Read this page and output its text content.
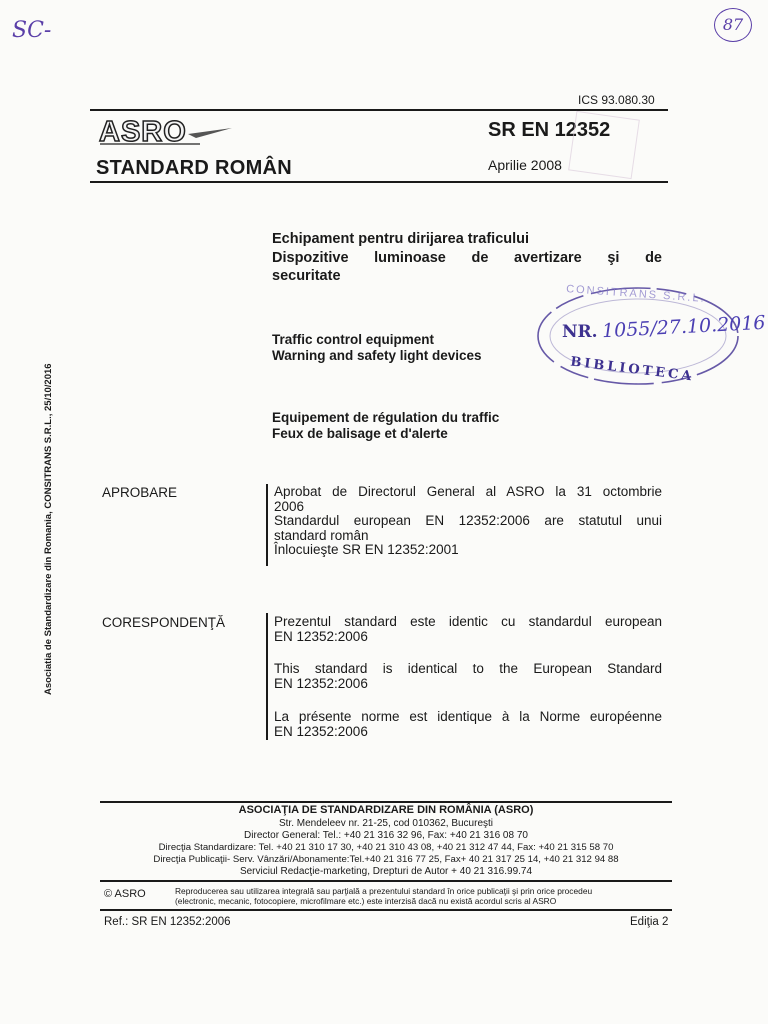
SC-	87
ICS 93.080.30
ASRO	SR EN 12352
STANDARD ROMÂN	Aprilie 2008
Echipament pentru dirijarea traficului
Dispozitive luminoase de avertizare şi de
securitate
Traffic control equipment
Warning and safety light devices
Equipement de régulation du traffic
Feux de balisage et d'alerte
CONSITRANS S.R.L.
NR. 1055/27.10.2016
BIBLIOTECA
Asociatia de Standardizare din Romania, CONSITRANS S.R.L., 25/10/2016	APROBARE	Aprobat de Directorul General al ASRO la 31 octombrie
2006
Standardul european EN 12352:2006 are statutul unui
standard român
Înlocuieşte SR EN 12352:2001
CORESPONDENŢĂ	Prezentul standard este identic cu standardul european
EN 12352:2006
This standard is identical to the European Standard
EN 12352:2006
La présente norme est identique à la Norme européenne
EN 12352:2006
ASOCIAŢIA DE STANDARDIZARE DIN ROMÂNIA (ASRO)
Str. Mendeleev nr. 21-25, cod 010362, Bucureşti
Director General: Tel.: +40 21 316 32 96, Fax: +40 21 316 08 70
Direcţia Standardizare: Tel. +40 21 310 17 30, +40 21 310 43 08, +40 21 312 47 44, Fax: +40 21 315 58 70
Direcţia Publicaţii- Serv. Vânzări/Abonamente:Tel.+40 21 316 77 25, Fax+ 40 21 317 25 14, +40 21 312 94 88
Serviciul Redacţie-marketing, Drepturi de Autor + 40 21 316.99.74
© ASRO	Reproducerea sau utilizarea integrală sau parţială a prezentului standard în orice publicaţii şi prin orice procedeu
(electronic, mecanic, fotocopiere, microfilmare etc.) este interzisă dacă nu există acordul scris al ASRO
Ref.: SR EN 12352:2006	Ediţia 2
